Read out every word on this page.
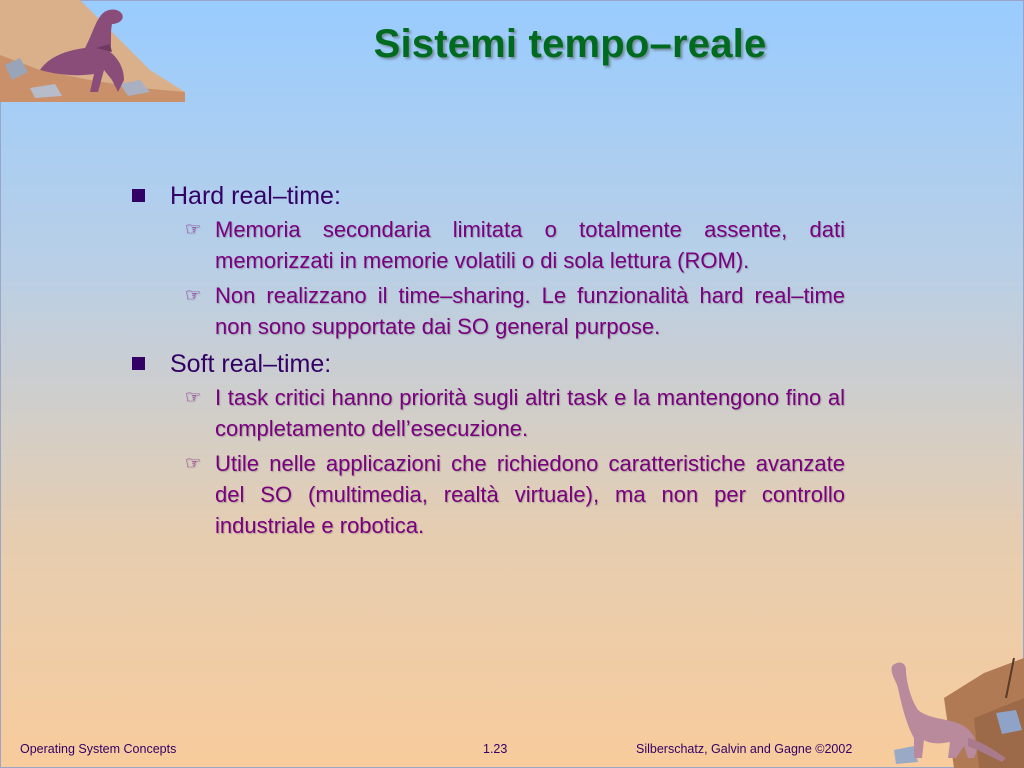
Sistemi tempo–reale
Hard real–time:
☞ Memoria secondaria limitata o totalmente assente, dati memorizzati in memorie volatili o di sola lettura (ROM).
☞ Non realizzano il time–sharing. Le funzionalità hard real–time non sono supportate dai SO general purpose.
Soft real–time:
☞ I task critici hanno priorità sugli altri task e la mantengono fino al completamento dell’esecuzione.
☞ Utile nelle applicazioni che richiedono caratteristiche avanzate del SO (multimedia, realtà virtuale), ma non per controllo industriale e robotica.
Operating System Concepts	1.23	Silberschatz, Galvin and Gagne ©2002
